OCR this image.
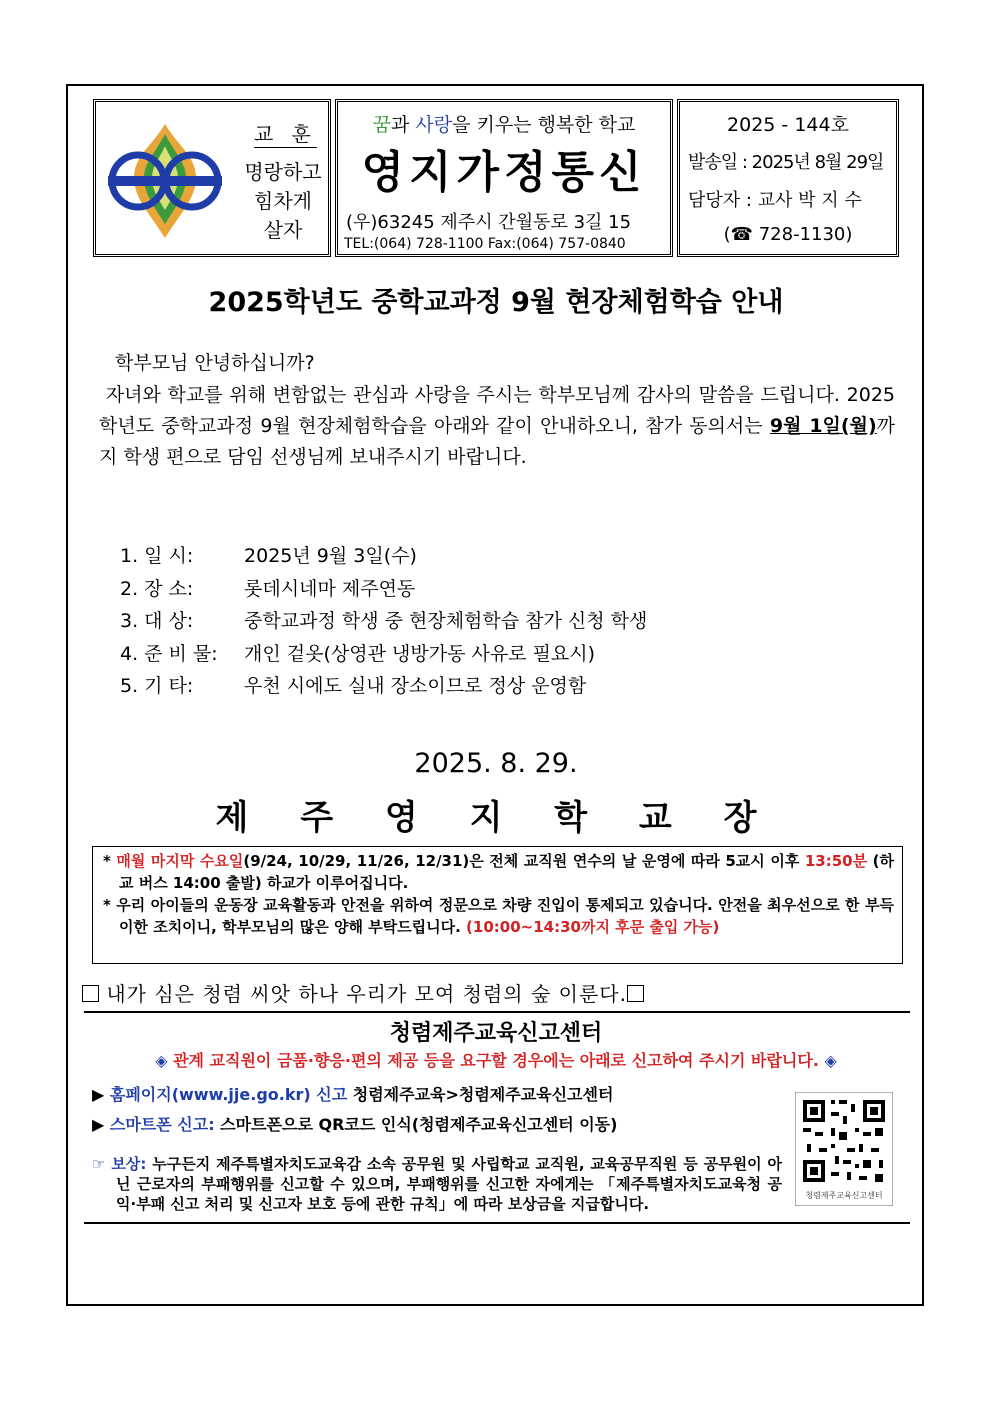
교 훈
명랑하고
힘차게
살자
꿈과 사랑을 키우는 행복한 학교
영지가정통신
(우)63245 제주시 간월동로 3길 15
TEL:(064) 728-1100 Fax:(064) 757-0840
2025 - 144호
발송일 : 2025년 8월 29일
담당자 : 교사 박 지 수
(☎ 728-1130)
2025학년도 중학교과정 9월 현장체험학습 안내
학부모님 안녕하십니까?
자녀와 학교를 위해 변함없는 관심과 사랑을 주시는 학부모님께 감사의 말씀을 드립니다. 2025학년도 중학교과정 9월 현장체험학습을 아래와 같이 안내하오니, 참가 동의서는 9월 1일(월)까지 학생 편으로 담임 선생님께 보내주시기 바랍니다.
1. 일 시:	2025년 9월 3일(수)
2. 장 소:	롯데시네마 제주연동
3. 대 상:	중학교과정 학생 중 현장체험학습 참가 신청 학생
4. 준 비 물: 개인 겉옷(상영관 냉방가동 사유로 필요시)
5. 기 타:	우천 시에도 실내 장소이므로 정상 운영함
2025. 8. 29.
제 주 영 지 학 교 장

* 매월 마지막 수요일(9/24, 10/29, 11/26, 12/31)은 전체 교직원 연수의 날 운영에 따라 5교시 이후 13:50분 (하교 버스 14:00 출발) 하교가 이루어집니다.

* 우리 아이들의 운동장 교육활동과 안전을 위하여 정문으로 차량 진입이 통제되고 있습니다. 안전을 최우선으로 한 부득이한 조치이니, 학부모님의 많은 양해 부탁드립니다. (10:00~14:30까지 후문 출입 가능)

내가 심은 청렴 씨앗 하나 우리가 모여 청렴의 숲 이룬다.
청렴제주교육신고센터
◈ 관계 교직원이 금품·향응·편의 제공 등을 요구할 경우에는 아래로 신고하여 주시기 바랍니다. ◈
▶ 홈페이지(www.jje.go.kr) 신고 청렴제주교육>청렴제주교육신고센터
▶ 스마트폰 신고: 스마트폰으로 QR코드 인식(청렴제주교육신고센터 이동)

☞ 보상: 누구든지 제주특별자치도교육감 소속 공무원 및 사립학교 교직원, 교육공무직원 등 공무원이 아닌 근로자의 부패행위를 신고할 수 있으며, 부패행위를 신고한 자에게는 「제주특별자치도교육청 공익·부패 신고 처리 및 신고자 보호 등에 관한 규칙」에 따라 보상금을 지급합니다.	청렴제주교육신고센터
